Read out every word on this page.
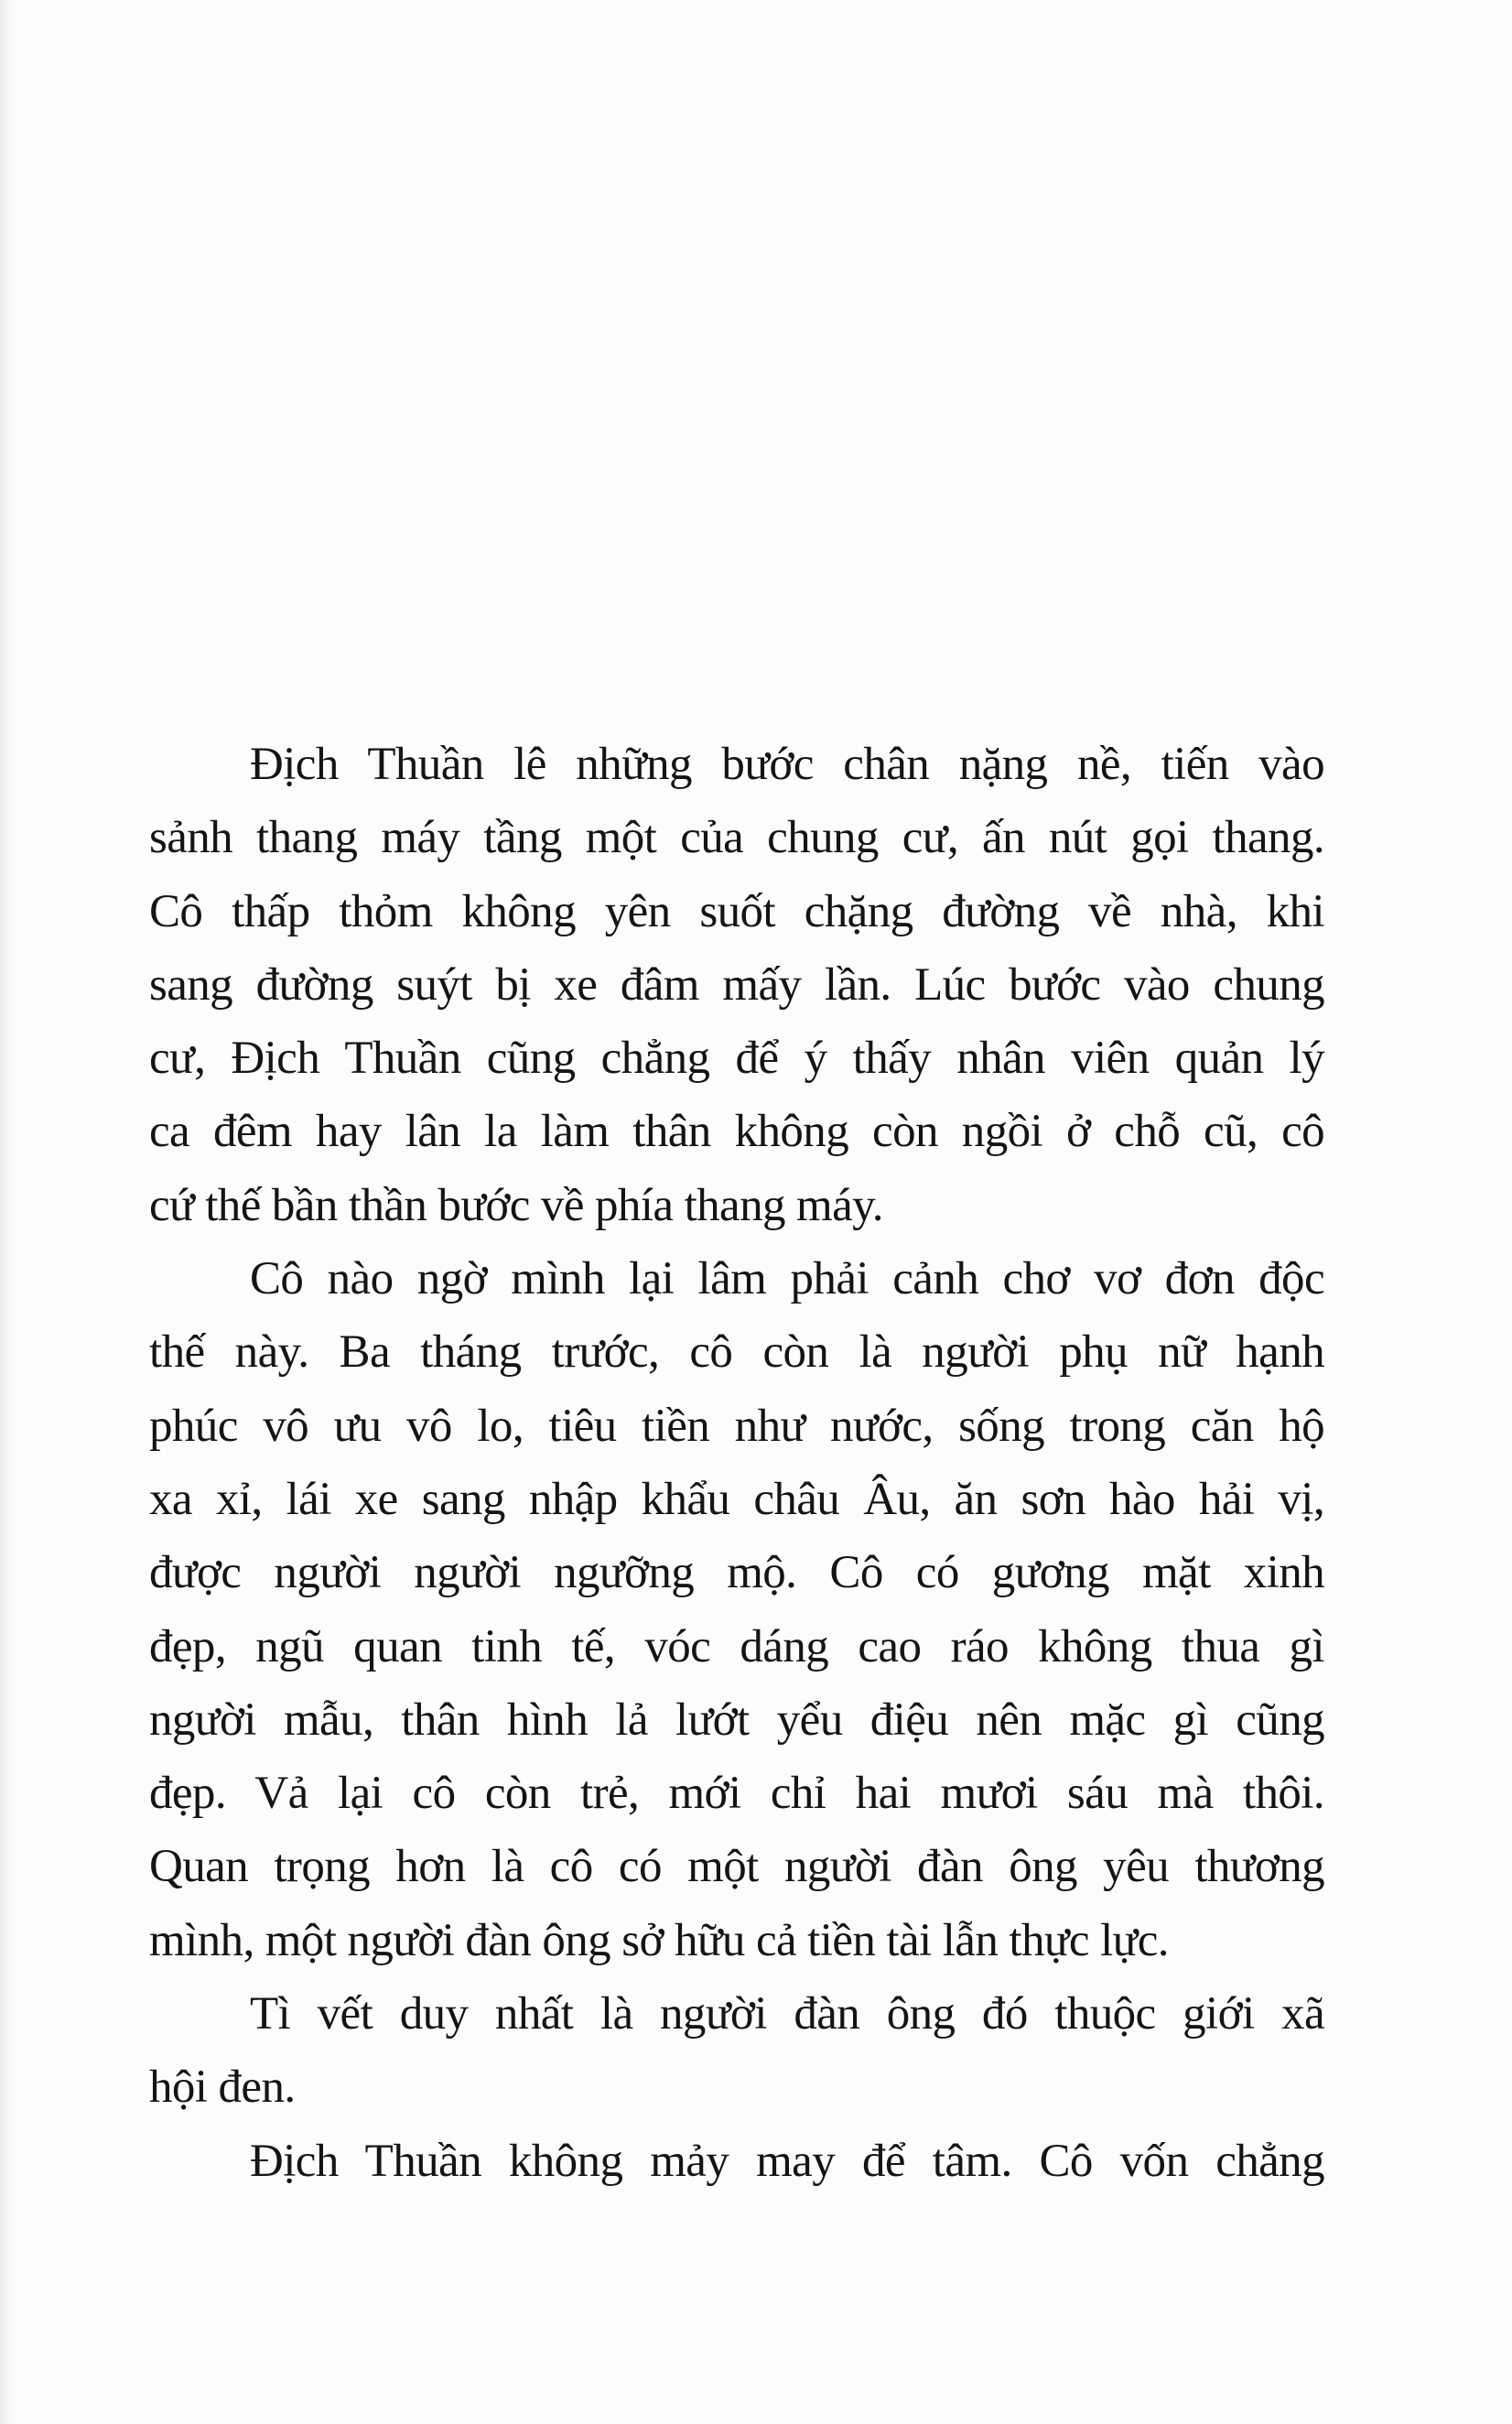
Địch Thuần lê những bước chân nặng nề, tiến vào
sảnh thang máy tầng một của chung cư, ấn nút gọi thang.
Cô thấp thỏm không yên suốt chặng đường về nhà, khi
sang đường suýt bị xe đâm mấy lần. Lúc bước vào chung
cư, Địch Thuần cũng chẳng để ý thấy nhân viên quản lý
ca đêm hay lân la làm thân không còn ngồi ở chỗ cũ, cô
cứ thế bần thần bước về phía thang máy.
Cô nào ngờ mình lại lâm phải cảnh chơ vơ đơn độc
thế này. Ba tháng trước, cô còn là người phụ nữ hạnh
phúc vô ưu vô lo, tiêu tiền như nước, sống trong căn hộ
xa xỉ, lái xe sang nhập khẩu châu Âu, ăn sơn hào hải vị,
được người người ngưỡng mộ. Cô có gương mặt xinh
đẹp, ngũ quan tinh tế, vóc dáng cao ráo không thua gì
người mẫu, thân hình lả lướt yểu điệu nên mặc gì cũng
đẹp. Vả lại cô còn trẻ, mới chỉ hai mươi sáu mà thôi.
Quan trọng hơn là cô có một người đàn ông yêu thương
mình, một người đàn ông sở hữu cả tiền tài lẫn thực lực.
Tì vết duy nhất là người đàn ông đó thuộc giới xã
hội đen.
Địch Thuần không mảy may để tâm. Cô vốn chẳng
